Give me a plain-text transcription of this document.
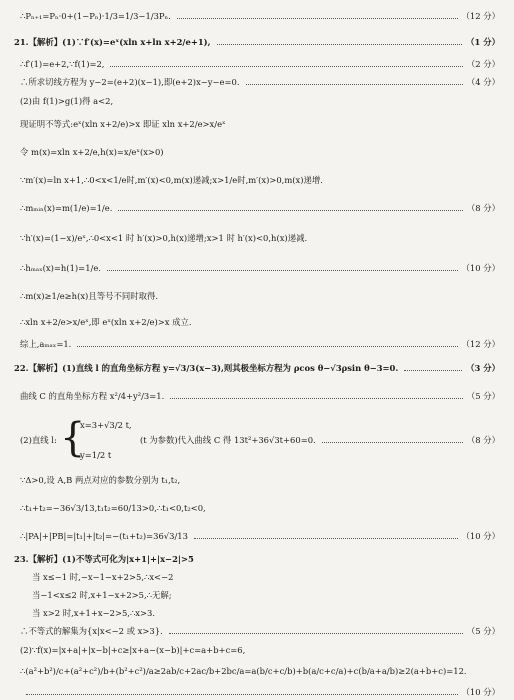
∴Pₙ₊₁=Pₙ·0+(1−Pₙ)·1/3=1/3−1/3Pₙ.	（12 分）
21.【解析】(1)∵f′(x)=eˣ(xln x+ln x+2/e+1),	（1 分）
∴f′(1)=e+2,∵f(1)=2,	（2 分）
∴所求切线方程为 y−2=(e+2)(x−1),即(e+2)x−y−e=0.	（4 分）
(2)由 f(1)>g(1)得 a<2,
现证明不等式:eˣ(xln x+2/e)>x 即证 xln x+2/e>x/eˣ
令 m(x)=xln x+2/e,h(x)=x/eˣ(x>0)
∵m′(x)=ln x+1,∴0<x<1/e时,m′(x)<0,m(x)递减;x>1/e时,m′(x)>0,m(x)递增.
∴mₘᵢₙ(x)=m(1/e)=1/e.	（8 分）
∵h′(x)=(1−x)/eˣ,∴0<x<1 时 h′(x)>0,h(x)递增;x>1 时 h′(x)<0,h(x)递减.
∴hₘₐₓ(x)=h(1)=1/e.	（10 分）
∴m(x)≥1/e≥h(x)且等号不同时取得.
∴xln x+2/e>x/eˣ,即 eˣ(xln x+2/e)>x 成立.
综上,aₘₐₓ=1.	（12 分）
22.【解析】(1)直线 l 的直角坐标方程 y=√3/3(x−3),则其极坐标方程为 ρcos θ−√3ρsin θ−3=0.	（3 分）
曲线 C 的直角坐标方程 x²/4+y²/3=1.	（5 分）
(2)直线 l:	(t 为参数)代入曲线 C 得 13t²+36√3t+60=0.	（8 分）
∵Δ>0,设 A,B 两点对应的参数分别为 t₁,t₂,
∴t₁+t₂=−36√3/13,t₁t₂=60/13>0,∴t₁<0,t₂<0,
∴|PA|+|PB|=|t₁|+|t₂|=−(t₁+t₂)=36√3/13	（10 分）
23.【解析】(1)不等式可化为|x+1|+|x−2|>5
当 x≤−1 时,−x−1−x+2>5,∴x<−2
当−1<x≤2 时,x+1−x+2>5,∴无解;
当 x>2 时,x+1+x−2>5,∴x>3.
∴不等式的解集为{x|x<−2 或 x>3}.	（5 分）
(2)∵f(x)=|x+a|+|x−b|+c≥|x+a−(x−b)|+c=a+b+c=6,
∴(a²+b²)/c+(a²+c²)/b+(b²+c²)/a≥2ab/c+2ac/b+2bc/a=a(b/c+c/b)+b(a/c+c/a)+c(b/a+a/b)≥2(a+b+c)=12.
（10 分）
{
x=3+√3/2 t,
y=1/2 t
